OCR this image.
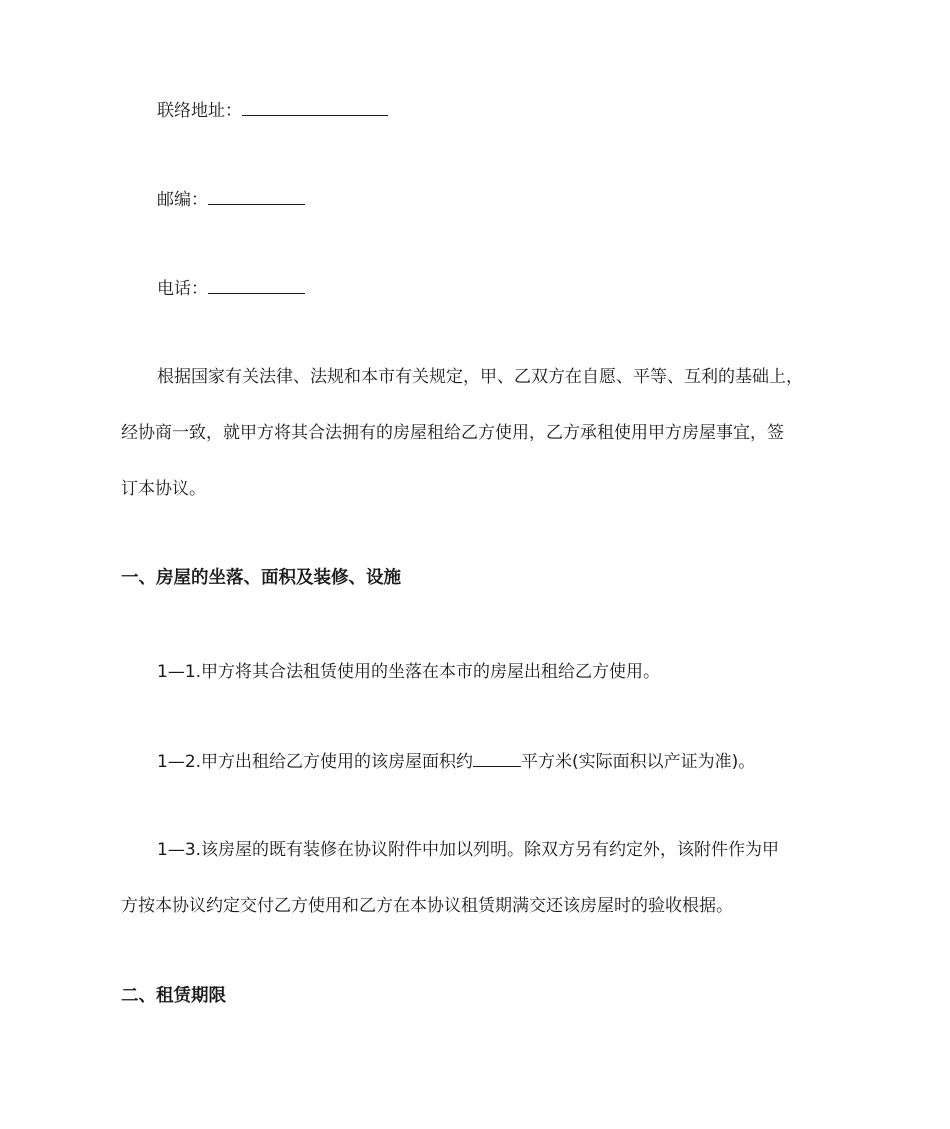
联络地址：

邮编：

电话：

根据国家有关法律、法规和本市有关规定，甲、乙双方在自愿、平等、互利的基础上，

经协商一致，就甲方将其合法拥有的房屋租给乙方使用，乙方承租使用甲方房屋事宜，签

订本协议。

一、房屋的坐落、面积及装修、设施

1—1.甲方将其合法租赁使用的坐落在本市的房屋出租给乙方使用。

1—2.甲方出租给乙方使用的该房屋面积约	平方米(实际面积以产证为准)。

1—3.该房屋的既有装修在协议附件中加以列明。除双方另有约定外，该附件作为甲

方按本协议约定交付乙方使用和乙方在本协议租赁期满交还该房屋时的验收根据。

二、租赁期限
